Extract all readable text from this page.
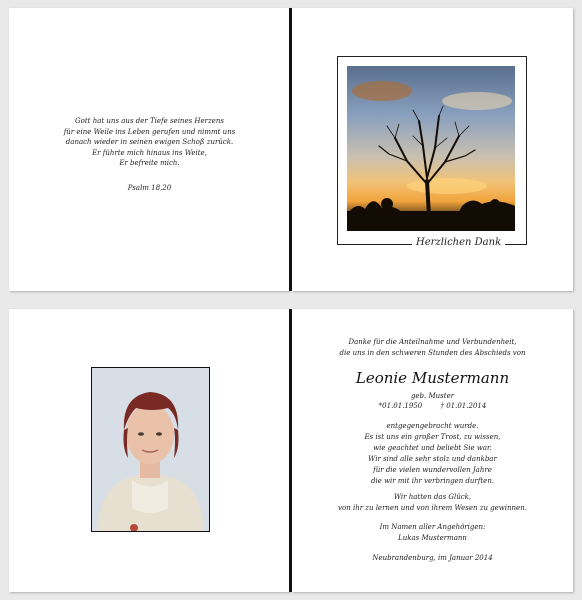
Gott hat uns aus der Tiefe seines Herzens
für eine Weile ins Leben gerufen und nimmt uns
danach wieder in seinen ewigen Schoß zurück.
Er führte mich hinaus ins Weite,
Er befreite mich.
Psalm 18,20
Herzlichen Dank
Danke für die Anteilnahme und Verbundenheit,
die uns in den schweren Stunden des Abschieds von
Leonie Mustermann
geb. Muster
*01.01.1950	† 01.01.2014
entgegengebracht wurde.
Es ist uns ein großer Trost, zu wissen,
wie geachtet und beliebt Sie war.
Wir sind alle sehr stolz und dankbar
für die vielen wundervollen Jahre
die wir mit ihr verbringen durften.
Wir hatten das Glück,
von ihr zu lernen und von ihrem Wesen zu gewinnen.
Im Namen aller Angehörigen:
Lukas Mustermann
Neubrandenburg, im Januar 2014
